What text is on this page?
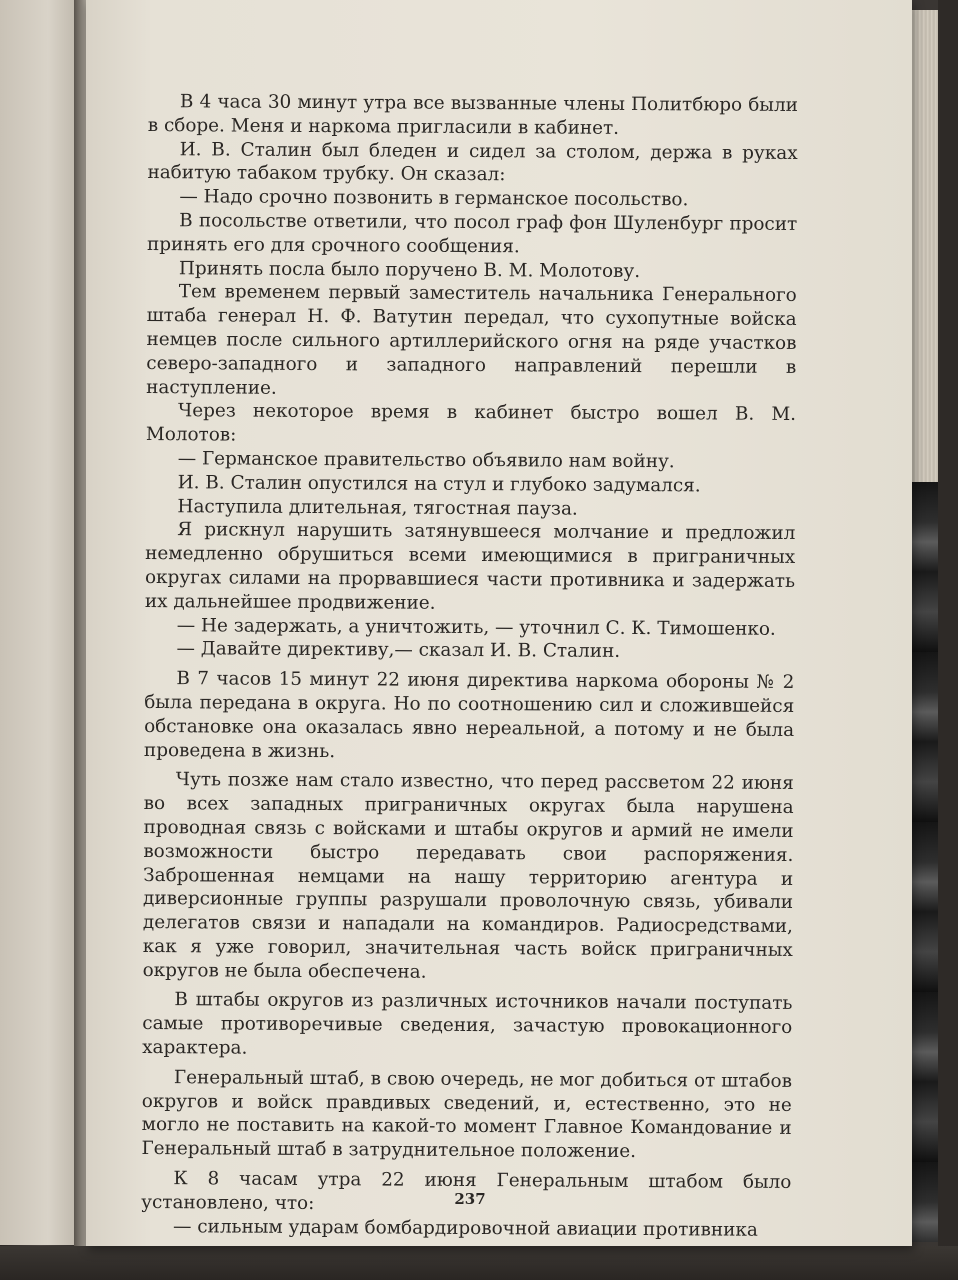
В 4 часа 30 минут утра все вызванные члены Политбюро были в сборе. Меня и наркома пригласили в кабинет.

И. В. Сталин был бледен и сидел за столом, держа в руках набитую табаком трубку. Он сказал:

— Надо срочно позвонить в германское посольство.

В посольстве ответили, что посол граф фон Шуленбург просит принять его для срочного сообщения.

Принять посла было поручено В. М. Молотову.

Тем временем первый заместитель начальника Генерального штаба генерал Н. Ф. Ватутин передал, что сухопутные войска немцев после сильного артиллерийского огня на ряде участков северо-западного и западного направлений перешли в наступление.

Через некоторое время в кабинет быстро вошел В. М. Молотов:

— Германское правительство объявило нам войну.

И. В. Сталин опустился на стул и глубоко задумался.

Наступила длительная, тягостная пауза.

Я рискнул нарушить затянувшееся молчание и предложил немедленно обрушиться всеми имеющимися в приграничных округах силами на прорвавшиеся части противника и задержать их дальнейшее продвижение.

— Не задержать, а уничтожить, — уточнил С. К. Тимошенко.

— Давайте директиву,— сказал И. В. Сталин.

В 7 часов 15 минут 22 июня директива наркома обороны № 2 была передана в округа. Но по соотношению сил и сложившейся обстановке она оказалась явно нереальной, а потому и не была проведена в жизнь.

Чуть позже нам стало известно, что перед рассветом 22 июня во всех западных приграничных округах была нарушена проводная связь с войсками и штабы округов и армий не имели возможности быстро передавать свои распоряжения. Заброшенная немцами на нашу территорию агентура и диверсионные группы разрушали проволочную связь, убивали делегатов связи и нападали на командиров. Радиосредствами, как я уже говорил, значительная часть войск приграничных округов не была обеспечена.

В штабы округов из различных источников начали поступать самые противоречивые сведения, зачастую провокационного характера.

Генеральный штаб, в свою очередь, не мог добиться от штабов округов и войск правдивых сведений, и, естественно, это не могло не поставить на какой-то момент Главное Командование и Генеральный штаб в затруднительное положение.

К 8 часам утра 22 июня Генеральным штабом было установлено, что:

— сильным ударам бомбардировочной авиации противника

237
